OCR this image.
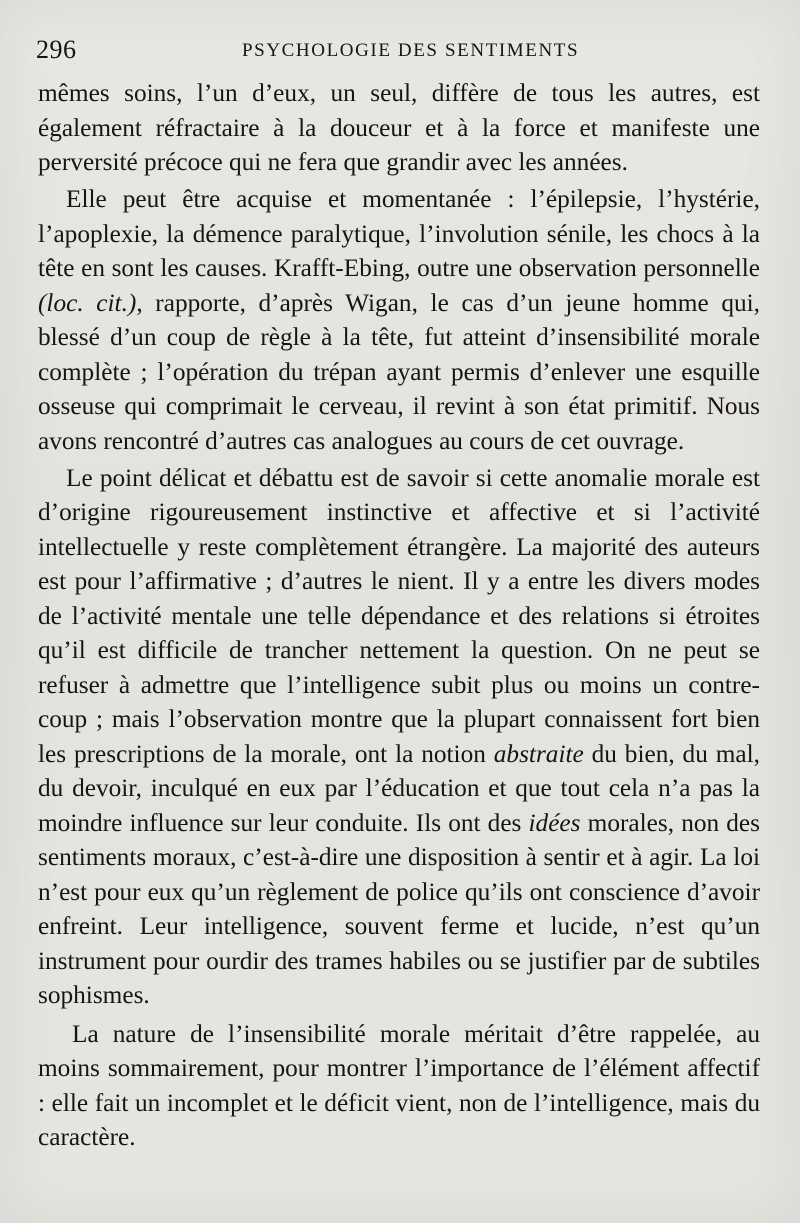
296	PSYCHOLOGIE DES SENTIMENTS

mêmes soins, l’un d’eux, un seul, diffère de tous les autres, est également réfractaire à la douceur et à la force et manifeste une perversité précoce qui ne fera que grandir avec les années.

Elle peut être acquise et momentanée : l’épilepsie, l’hystérie, l’apoplexie, la démence paralytique, l’involution sénile, les chocs à la tête en sont les causes. Krafft-Ebing, outre une observation personnelle (loc. cit.), rapporte, d’après Wigan, le cas d’un jeune homme qui, blessé d’un coup de règle à la tête, fut atteint d’insensibilité morale complète ; l’opération du trépan ayant permis d’enlever une esquille osseuse qui comprimait le cerveau, il revint à son état primitif. Nous avons rencontré d’autres cas analogues au cours de cet ouvrage.

Le point délicat et débattu est de savoir si cette anomalie morale est d’origine rigoureusement instinctive et affective et si l’activité intellectuelle y reste complètement étrangère. La majorité des auteurs est pour l’affirmative ; d’autres le nient. Il y a entre les divers modes de l’activité mentale une telle dépendance et des relations si étroites qu’il est difficile de trancher nettement la question. On ne peut se refuser à admettre que l’intelligence subit plus ou moins un contre-coup ; mais l’observation montre que la plupart connaissent fort bien les prescriptions de la morale, ont la notion abstraite du bien, du mal, du devoir, inculqué en eux par l’éducation et que tout cela n’a pas la moindre influence sur leur conduite. Ils ont des idées morales, non des sentiments moraux, c’est-à-dire une disposition à sentir et à agir. La loi n’est pour eux qu’un règlement de police qu’ils ont conscience d’avoir enfreint. Leur intelligence, souvent ferme et lucide, n’est qu’un instrument pour ourdir des trames habiles ou se justifier par de subtiles sophismes.

La nature de l’insensibilité morale méritait d’être rappelée, au moins sommairement, pour montrer l’importance de l’élément affectif : elle fait un incomplet et le déficit vient, non de l’intelligence, mais du caractère.
